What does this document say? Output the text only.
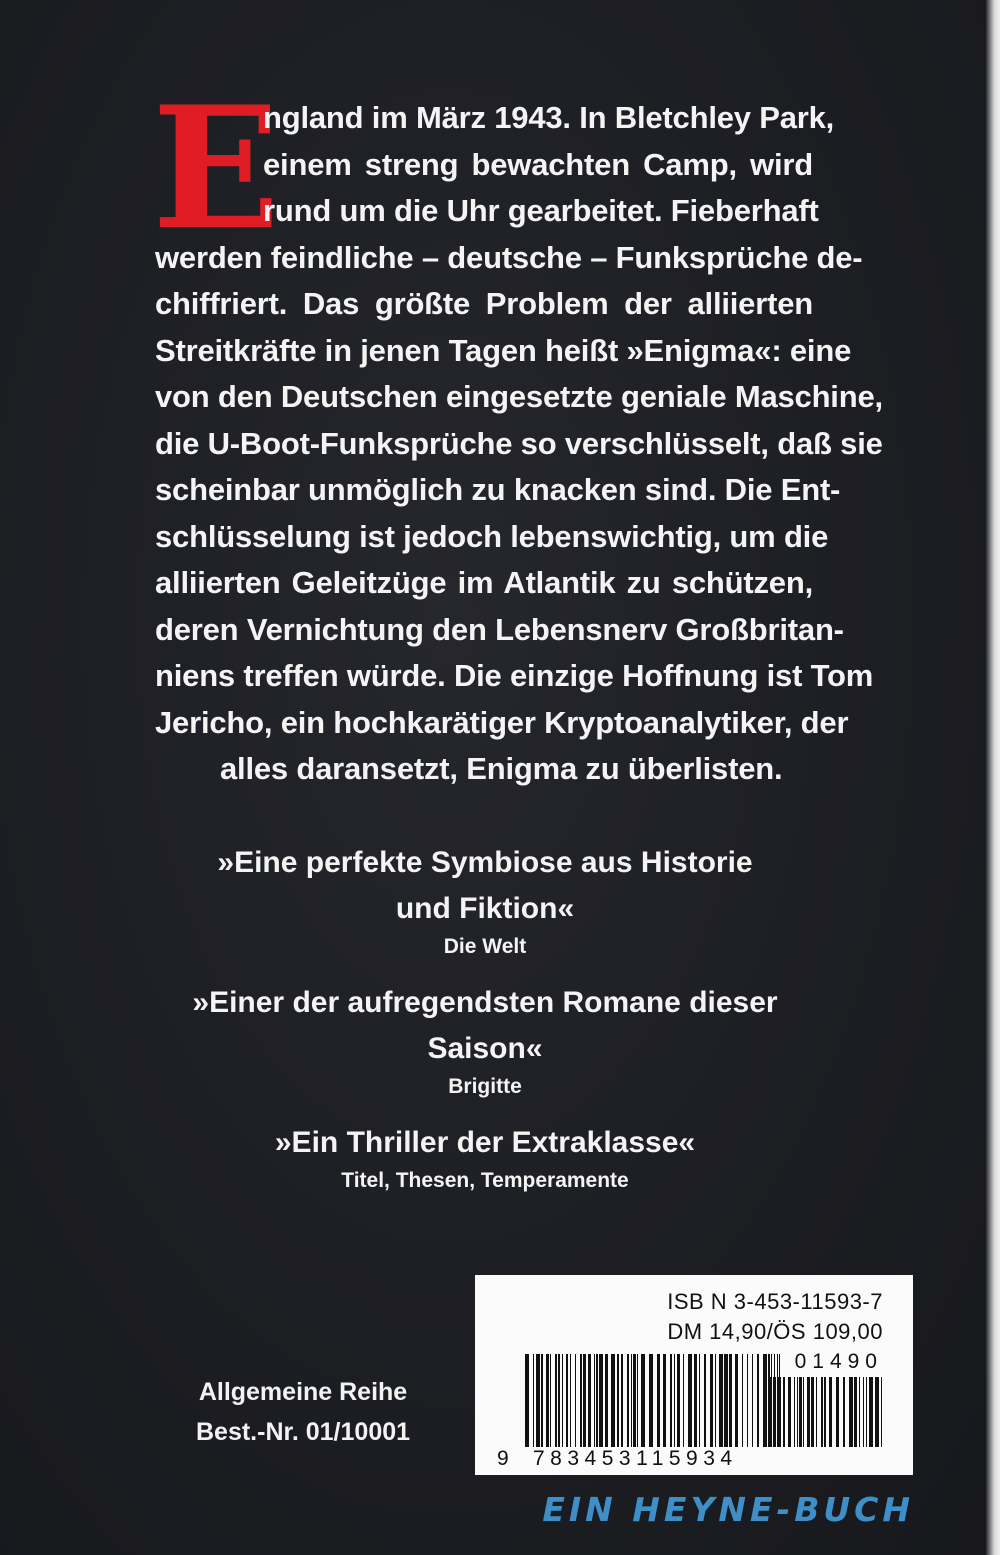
E
ngland im März 1943. In Bletchley Park,
einem streng bewachten Camp, wird
rund um die Uhr gearbeitet. Fieberhaft
werden feindliche – deutsche – Funksprüche de-
chiffriert. Das größte Problem der alliierten
Streitkräfte in jenen Tagen heißt »Enigma«: eine
von den Deutschen eingesetzte geniale Maschine,
die U-Boot-Funksprüche so verschlüsselt, daß sie
scheinbar unmöglich zu knacken sind. Die Ent-
schlüsselung ist jedoch lebenswichtig, um die
alliierten Geleitzüge im Atlantik zu schützen,
deren Vernichtung den Lebensnerv Großbritan-
niens treffen würde. Die einzige Hoffnung ist Tom
Jericho, ein hochkarätiger Kryptoanalytiker, der
alles daransetzt, Enigma zu überlisten.
»Eine perfekte Symbiose aus Historie
und Fiktion«
Die Welt
»Einer der aufregendsten Romane dieser Saison«
Brigitte
»Ein Thriller der Extraklasse«
Titel, Thesen, Temperamente
Allgemeine Reihe
Best.-Nr. 01/10001
ISB N 3-453-11593-7
DM 14,90/ÖS 109,00
01490
9 783453115934
EIN HEYNE-BUCH
